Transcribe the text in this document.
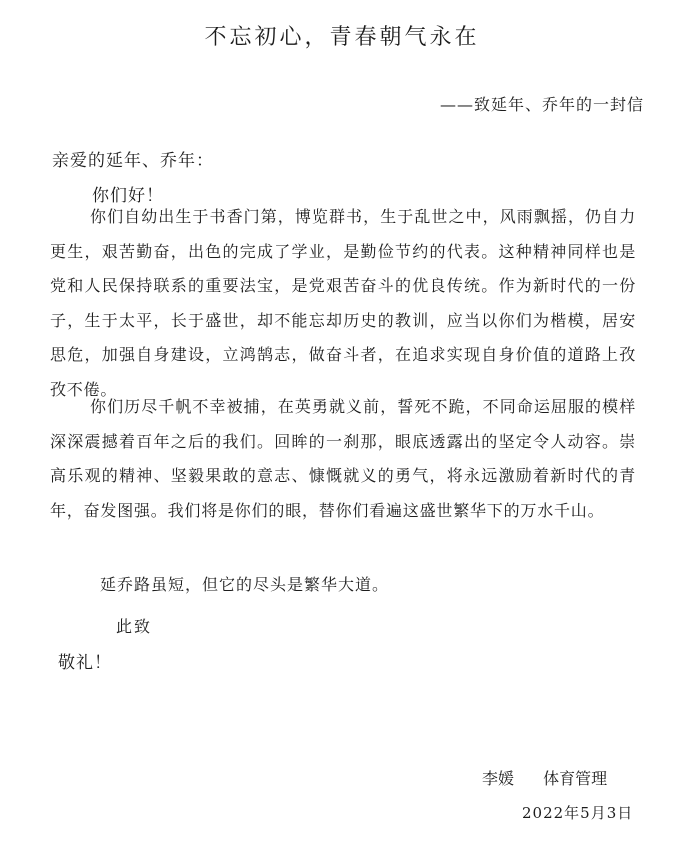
不忘初心，青春朝气永在
——致延年、乔年的一封信
亲爱的延年、乔年：
你们好！

你们自幼出生于书香门第，博览群书，生于乱世之中，风雨飘摇，仍自力更生，艰苦勤奋，出色的完成了学业，是勤俭节约的代表。这种精神同样也是党和人民保持联系的重要法宝，是党艰苦奋斗的优良传统。作为新时代的一份子，生于太平，长于盛世，却不能忘却历史的教训，应当以你们为楷模，居安思危，加强自身建设，立鸿鹄志，做奋斗者，在追求实现自身价值的道路上孜孜不倦。

你们历尽千帆不幸被捕，在英勇就义前，誓死不跪，不同命运屈服的模样深深震撼着百年之后的我们。回眸的一刹那，眼底透露出的坚定令人动容。崇高乐观的精神、坚毅果敢的意志、慷慨就义的勇气，将永远激励着新时代的青年，奋发图强。我们将是你们的眼，替你们看遍这盛世繁华下的万水千山。

延乔路虽短，但它的尽头是繁华大道。
此致
敬礼！
李媛 体育管理
2022年5月3日
